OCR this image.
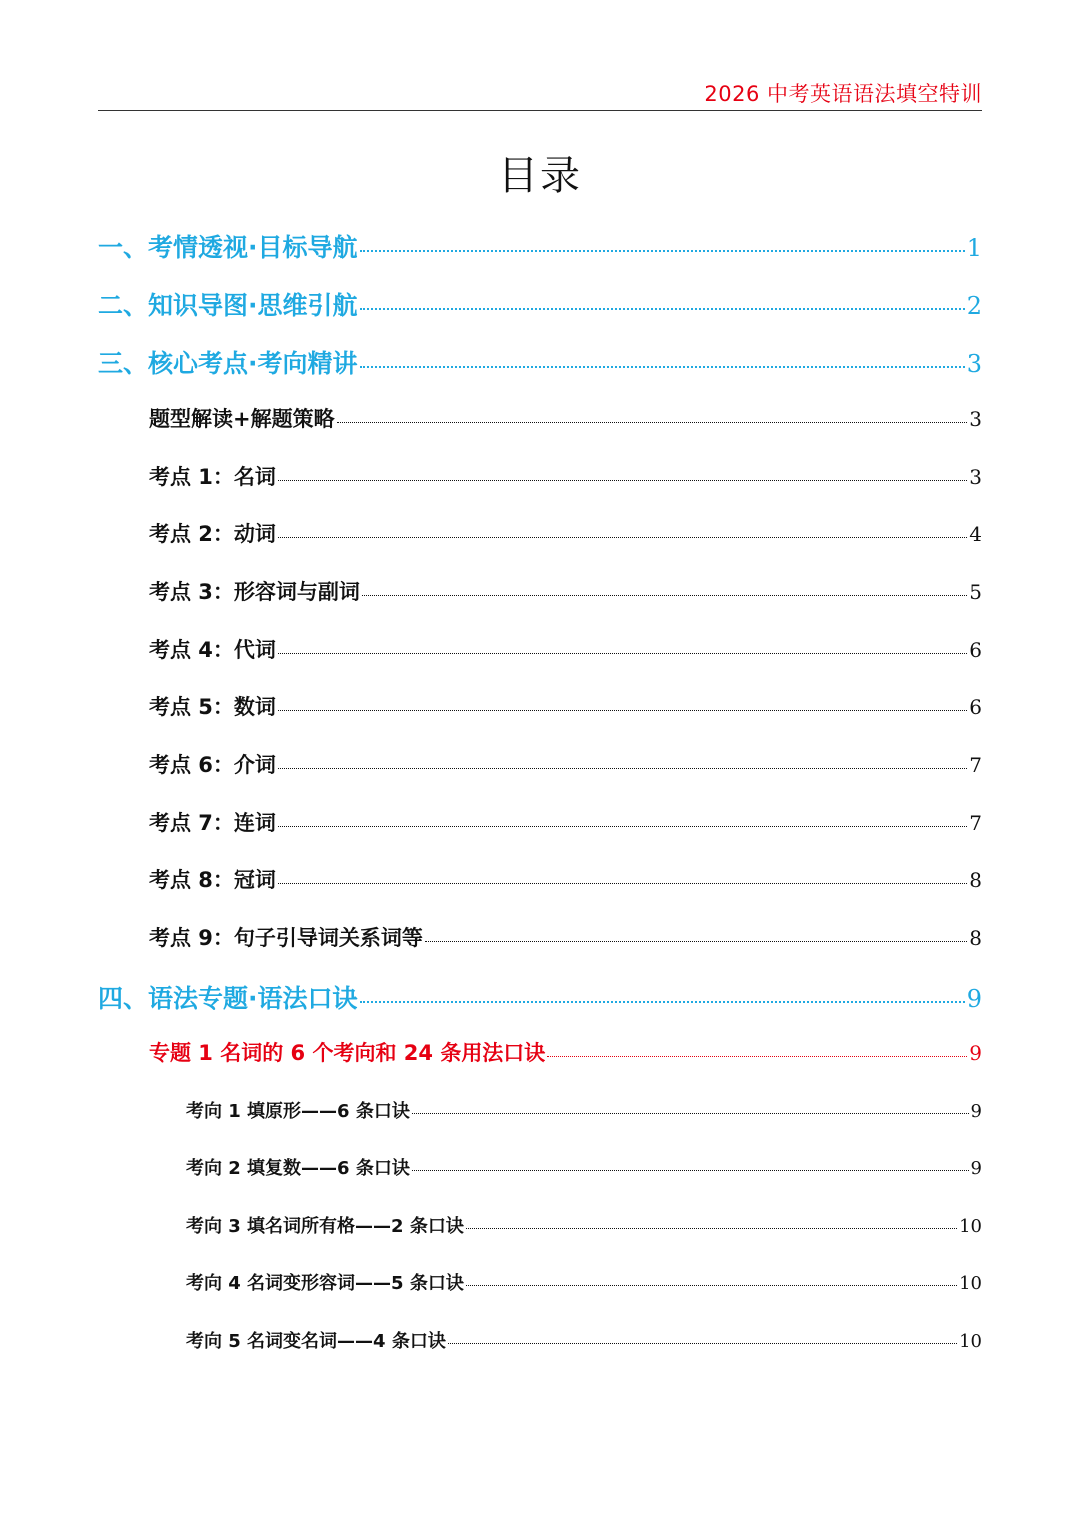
2026 中考英语语法填空特训
目录
一、考情透视·目标导航	1
二、知识导图·思维引航	2
三、核心考点·考向精讲	3
题型解读+解题策略	3
考点 1：名词	3
考点 2：动词	4
考点 3：形容词与副词	5
考点 4：代词	6
考点 5：数词	6
考点 6：介词	7
考点 7：连词	7
考点 8：冠词	8
考点 9：句子引导词关系词等	8
四、语法专题·语法口诀	9
专题 1 名词的 6 个考向和 24 条用法口诀	9
考向 1 填原形——6 条口诀	9
考向 2 填复数——6 条口诀	9
考向 3 填名词所有格——2 条口诀	10
考向 4 名词变形容词——5 条口诀	10
考向 5 名词变名词——4 条口诀	10
